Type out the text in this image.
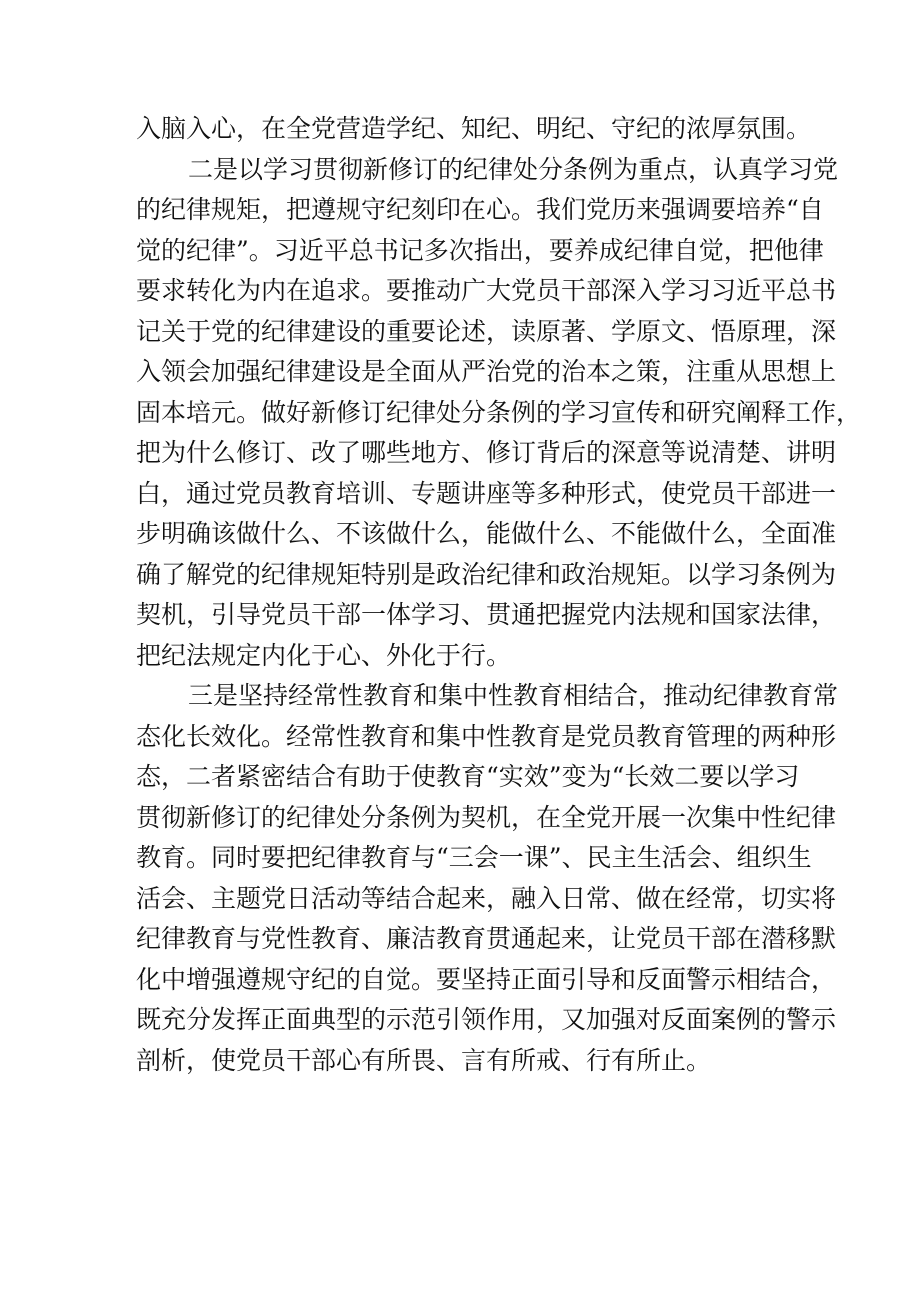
入脑入心，在全党营造学纪、知纪、明纪、守纪的浓厚氛围。
二是以学习贯彻新修订的纪律处分条例为重点，认真学习党
的纪律规矩，把遵规守纪刻印在心。我们党历来强调要培养“自
觉的纪律”。习近平总书记多次指出，要养成纪律自觉，把他律
要求转化为内在追求。要推动广大党员干部深入学习习近平总书
记关于党的纪律建设的重要论述，读原著、学原文、悟原理，深
入领会加强纪律建设是全面从严治党的治本之策，注重从思想上
固本培元。做好新修订纪律处分条例的学习宣传和研究阐释工作，
把为什么修订、改了哪些地方、修订背后的深意等说清楚、讲明
白，通过党员教育培训、专题讲座等多种形式，使党员干部进一
步明确该做什么、不该做什么，能做什么、不能做什么，全面准
确了解党的纪律规矩特别是政治纪律和政治规矩。以学习条例为
契机，引导党员干部一体学习、贯通把握党内法规和国家法律，
把纪法规定内化于心、外化于行。
三是坚持经常性教育和集中性教育相结合，推动纪律教育常
态化长效化。经常性教育和集中性教育是党员教育管理的两种形
态，二者紧密结合有助于使教育“实效”变为“长效二要以学习
贯彻新修订的纪律处分条例为契机，在全党开展一次集中性纪律
教育。同时要把纪律教育与“三会一课”、民主生活会、组织生
活会、主题党日活动等结合起来，融入日常、做在经常，切实将
纪律教育与党性教育、廉洁教育贯通起来，让党员干部在潜移默
化中增强遵规守纪的自觉。要坚持正面引导和反面警示相结合，
既充分发挥正面典型的示范引领作用，又加强对反面案例的警示
剖析，使党员干部心有所畏、言有所戒、行有所止。
